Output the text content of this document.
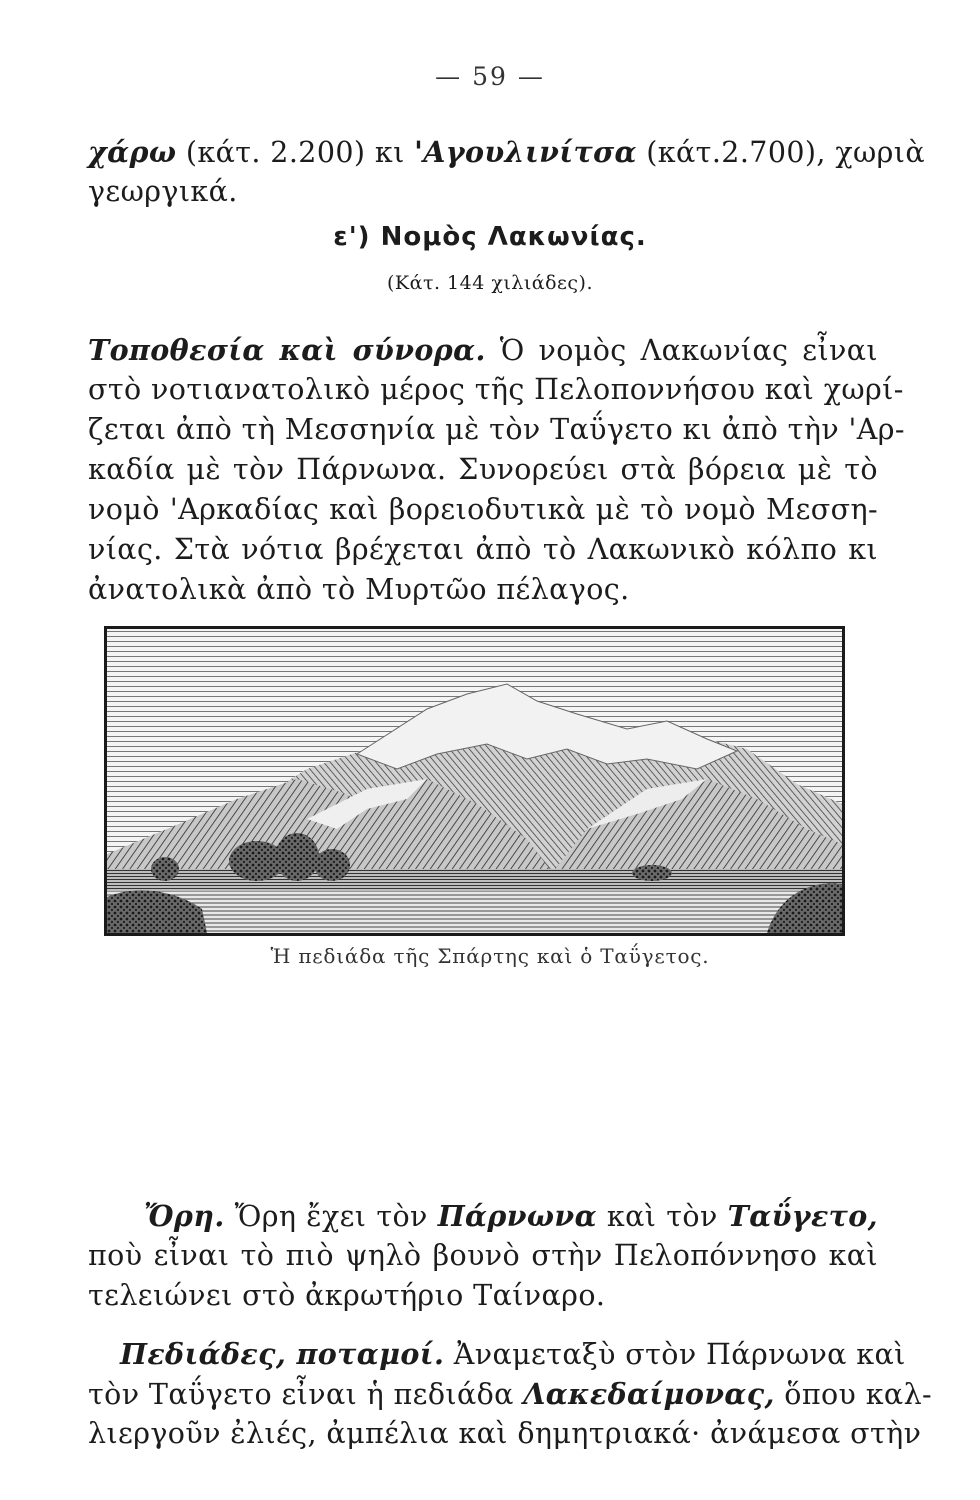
— 59 —
χάρω (κάτ. 2.200) κι 'Αγουλινίτσα (κάτ.2.700), χωριὰ
γεωργικά.
ε') Νομὸς Λακωνίας.
(Κάτ. 144 χιλιάδες).
Τοποθεσία καὶ σύνορα. Ὁ νομὸς Λακωνίας εἶναι
στὸ νοτιανατολικὸ μέρος τῆς Πελοποννήσου καὶ χωρί-
ζεται ἀπὸ τὴ Μεσσηνία μὲ τὸν Ταΰγετο κι ἀπὸ τὴν 'Αρ-
καδία μὲ τὸν Πάρνωνα. Συνορεύει στὰ βόρεια μὲ τὸ
νομὸ 'Αρκαδίας καὶ βορειοδυτικὰ μὲ τὸ νομὸ Μεσση-
νίας. Στὰ νότια βρέχεται ἀπὸ τὸ Λακωνικὸ κόλπο κι
ἀνατολικὰ ἀπὸ τὸ Μυρτῶο πέλαγος.
Ἡ πεδιάδα τῆς Σπάρτης καὶ ὁ Ταΰγετος.
Ὄρη. Ὄρη ἔχει τὸν Πάρνωνα καὶ τὸν Ταΰγετο,
ποὺ εἶναι τὸ πιὸ ψηλὸ βουνὸ στὴν Πελοπόννησο καὶ
τελειώνει στὸ ἀκρωτήριο Ταίναρο.
Πεδιάδες, ποταμοί. Ἀναμεταξὺ στὸν Πάρνωνα καὶ
τὸν Ταΰγετο εἶναι ἡ πεδιάδα Λακεδαίμονας, ὅπου καλ-
λιεργοῦν ἐλιές, ἀμπέλια καὶ δημητριακά· ἀνάμεσα στὴν
